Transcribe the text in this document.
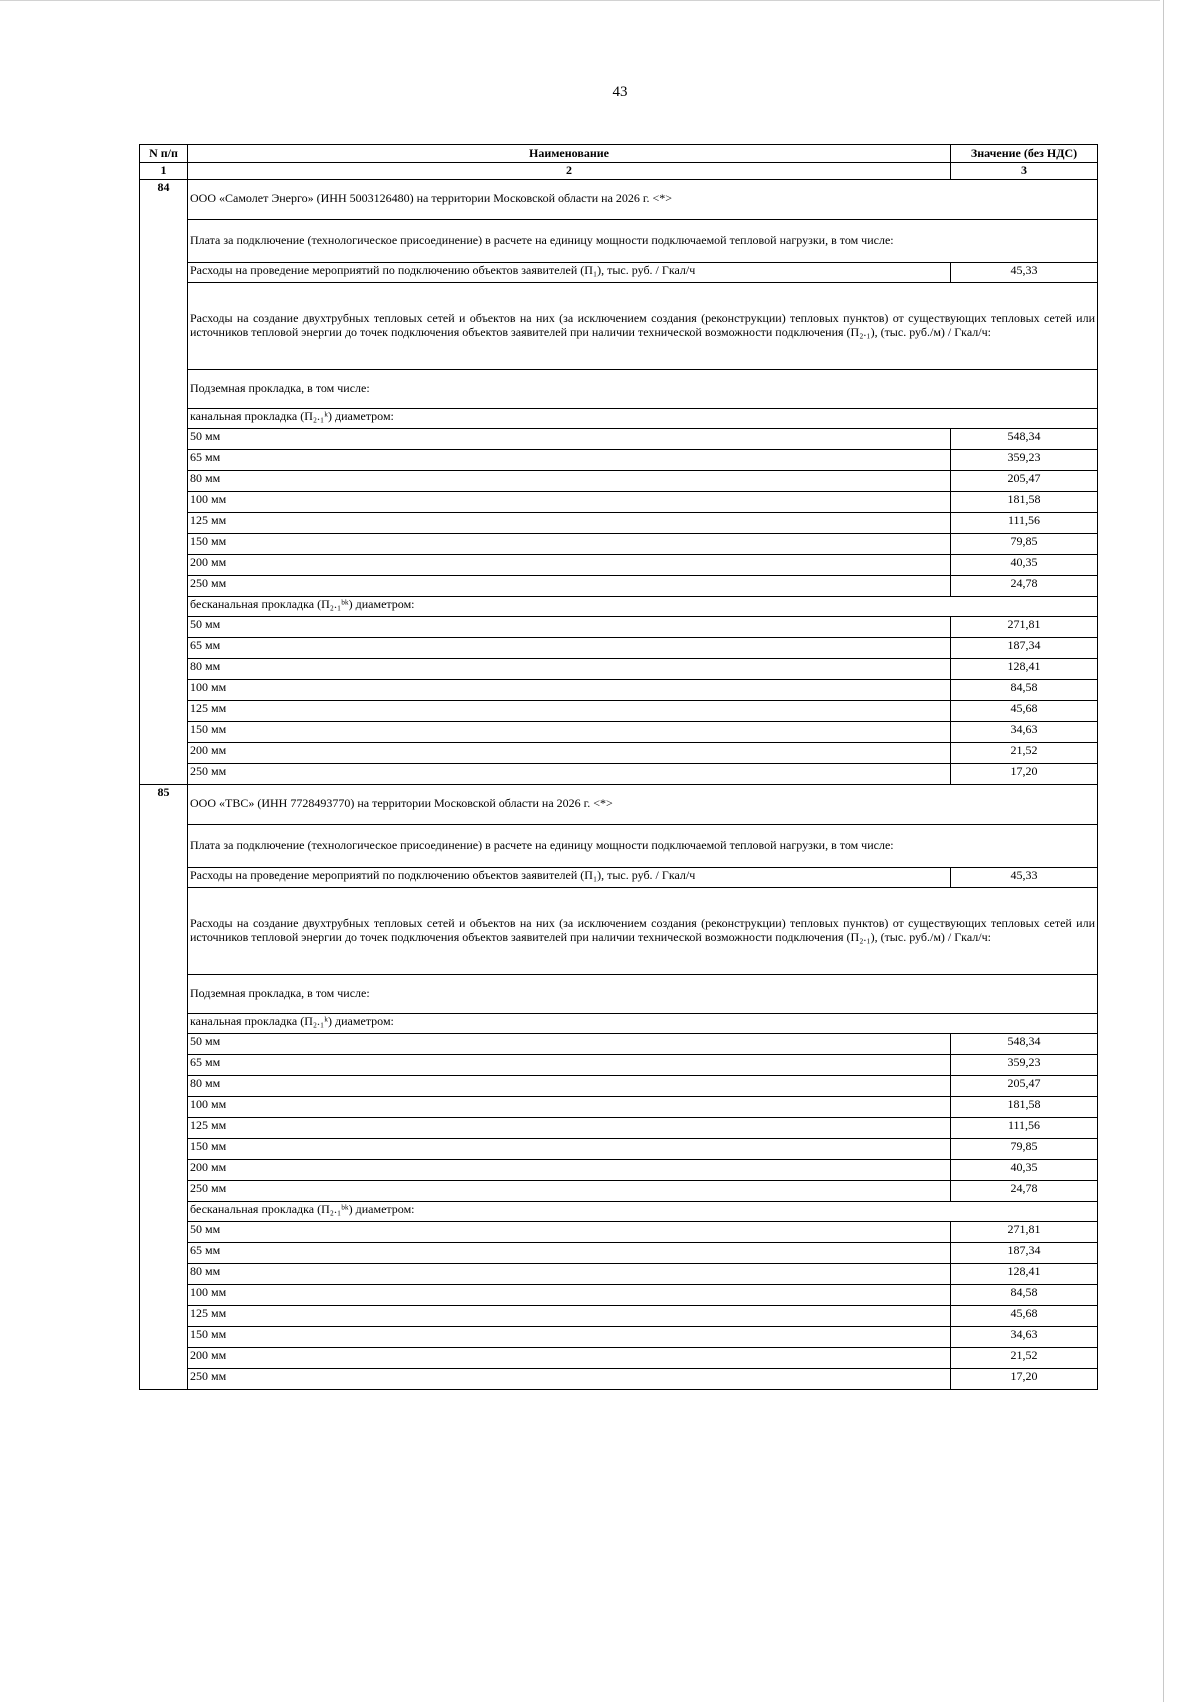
43
N п/п	Наименование	Значение (без НДС)
1	2	3
84	ООО «Самолет Энерго» (ИНН 5003126480) на территории Московской области на 2026 г. <*>	
	Плата за подключение (технологическое присоединение) в расчете на единицу мощности подключаемой тепловой нагрузки, в том числе:	
	Расходы на проведение мероприятий по подключению объектов заявителей (П₁), тыс. руб. / Гкал/ч	45,33
	Расходы на создание двухтрубных тепловых сетей и объектов на них (за исключением создания (реконструкции) тепловых пунктов) от существующих тепловых сетей или источников тепловой энергии до точек подключения объектов заявителей при наличии технической возможности подключения (П₂.₁), (тыс. руб./м) / Гкал/ч:	
	Подземная прокладка, в том числе:	
	канальная прокладка (П₂.₁ᵏ) диаметром:	
	50 мм	548,34
	65 мм	359,23
	80 мм	205,47
	100 мм	181,58
	125 мм	111,56
	150 мм	79,85
	200 мм	40,35
	250 мм	24,78
	бесканальная прокладка (П₂.₁ᵇᵏ) диаметром:	
	50 мм	271,81
	65 мм	187,34
	80 мм	128,41
	100 мм	84,58
	125 мм	45,68
	150 мм	34,63
	200 мм	21,52
	250 мм	17,20
85	ООО «ТВС» (ИНН 7728493770) на территории Московской области на 2026 г. <*>	
	Плата за подключение (технологическое присоединение) в расчете на единицу мощности подключаемой тепловой нагрузки, в том числе:	
	Расходы на проведение мероприятий по подключению объектов заявителей (П₁), тыс. руб. / Гкал/ч	45,33
	Расходы на создание двухтрубных тепловых сетей и объектов на них (за исключением создания (реконструкции) тепловых пунктов) от существующих тепловых сетей или источников тепловой энергии до точек подключения объектов заявителей при наличии технической возможности подключения (П₂.₁), (тыс. руб./м) / Гкал/ч:	
	Подземная прокладка, в том числе:	
	канальная прокладка (П₂.₁ᵏ) диаметром:	
	50 мм	548,34
	65 мм	359,23
	80 мм	205,47
	100 мм	181,58
	125 мм	111,56
	150 мм	79,85
	200 мм	40,35
	250 мм	24,78
	бесканальная прокладка (П₂.₁ᵇᵏ) диаметром:	
	50 мм	271,81
	65 мм	187,34
	80 мм	128,41
	100 мм	84,58
	125 мм	45,68
	150 мм	34,63
	200 мм	21,52
	250 мм	17,20
